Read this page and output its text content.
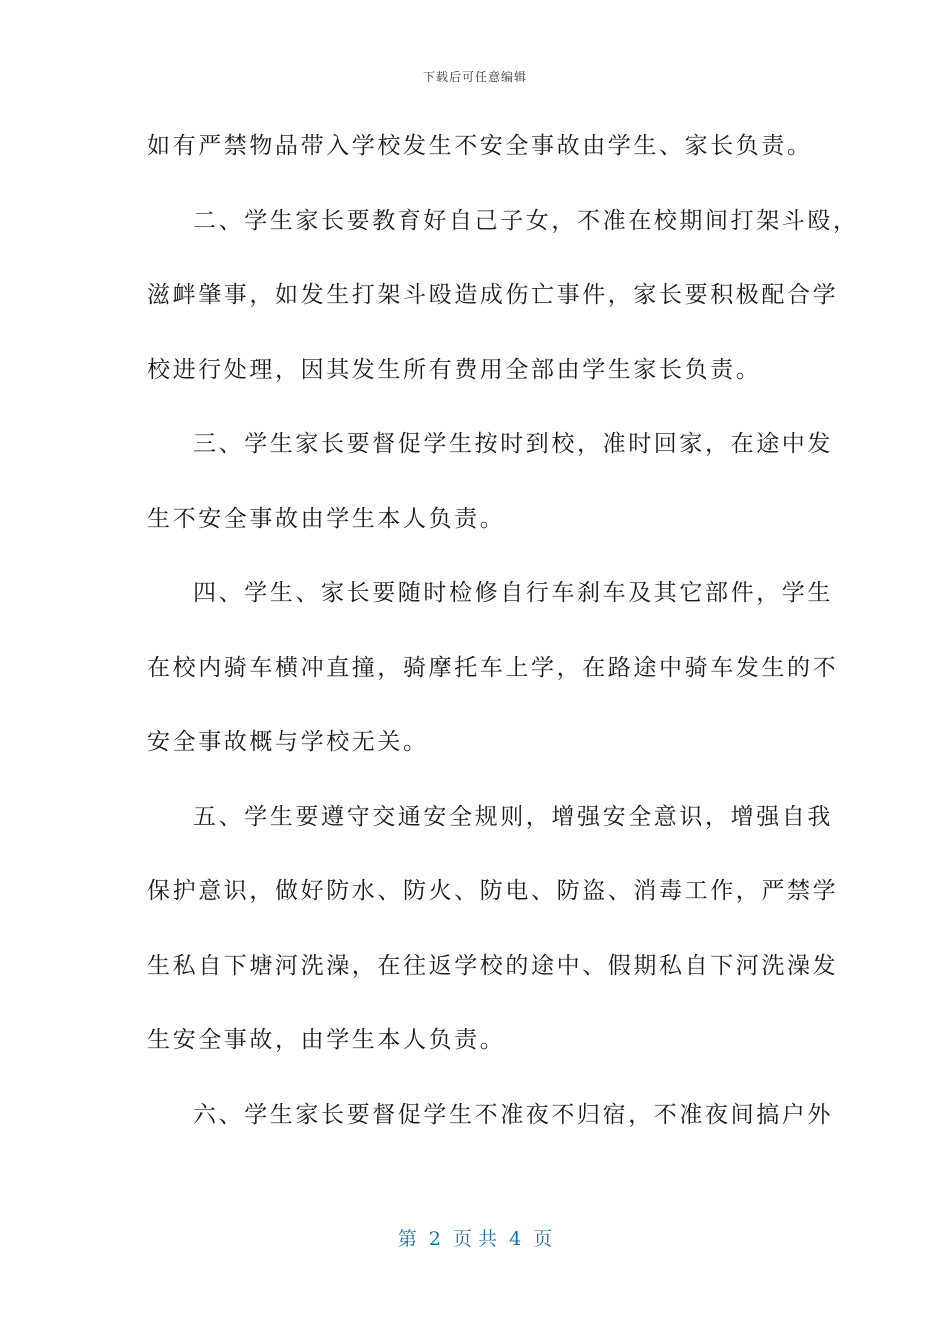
下载后可任意编辑
如有严禁物品带入学校发生不安全事故由学生、家长负责。
二、学生家长要教育好自己子女，不准在校期间打架斗殴，
滋衅肇事，如发生打架斗殴造成伤亡事件，家长要积极配合学
校进行处理，因其发生所有费用全部由学生家长负责。
三、学生家长要督促学生按时到校，准时回家，在途中发
生不安全事故由学生本人负责。
四、学生、家长要随时检修自行车刹车及其它部件，学生
在校内骑车横冲直撞，骑摩托车上学，在路途中骑车发生的不
安全事故概与学校无关。
五、学生要遵守交通安全规则，增强安全意识，增强自我
保护意识，做好防水、防火、防电、防盗、消毒工作，严禁学
生私自下塘河洗澡，在往返学校的途中、假期私自下河洗澡发
生安全事故，由学生本人负责。
六、学生家长要督促学生不准夜不归宿，不准夜间搞户外
第  2  页 共  4  页
